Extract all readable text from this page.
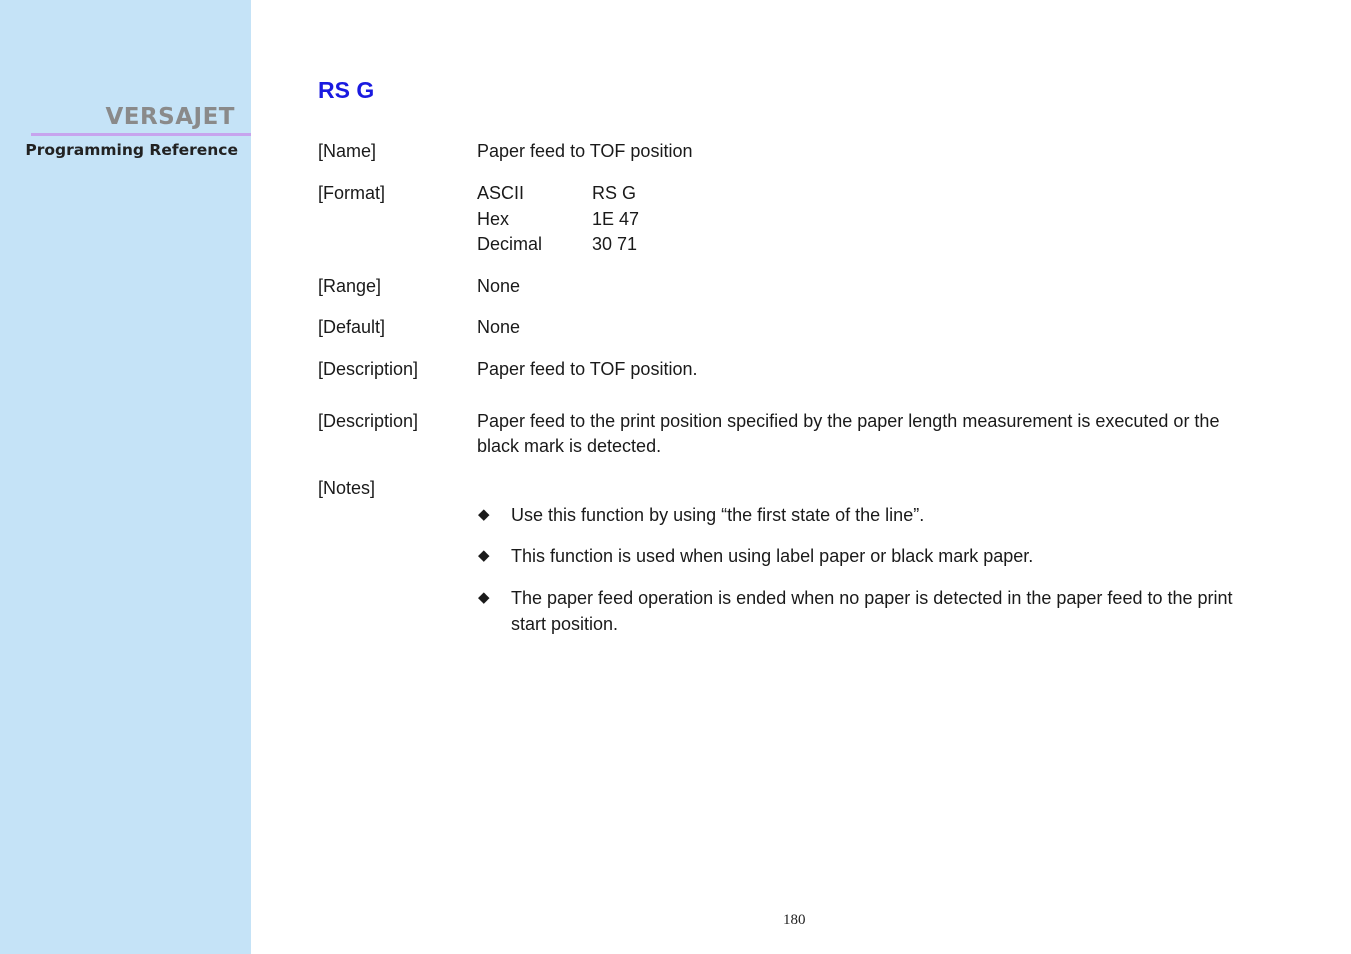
VERSAJET
Programming Reference
RS G
[Name]	Paper feed to TOF position
[Format]	ASCII	RS G
Hex	1E 47
Decimal	30 71
[Range]	None
[Default]	None
[Description]	Paper feed to TOF position.
[Description]	Paper feed to the print position specified by the paper length measurement is executed or the black mark is detected.
[Notes]
◆ Use this function by using “the first state of the line”.
◆ This function is used when using label paper or black mark paper.
◆ The paper feed operation is ended when no paper is detected in the paper feed to the print start position.
180
